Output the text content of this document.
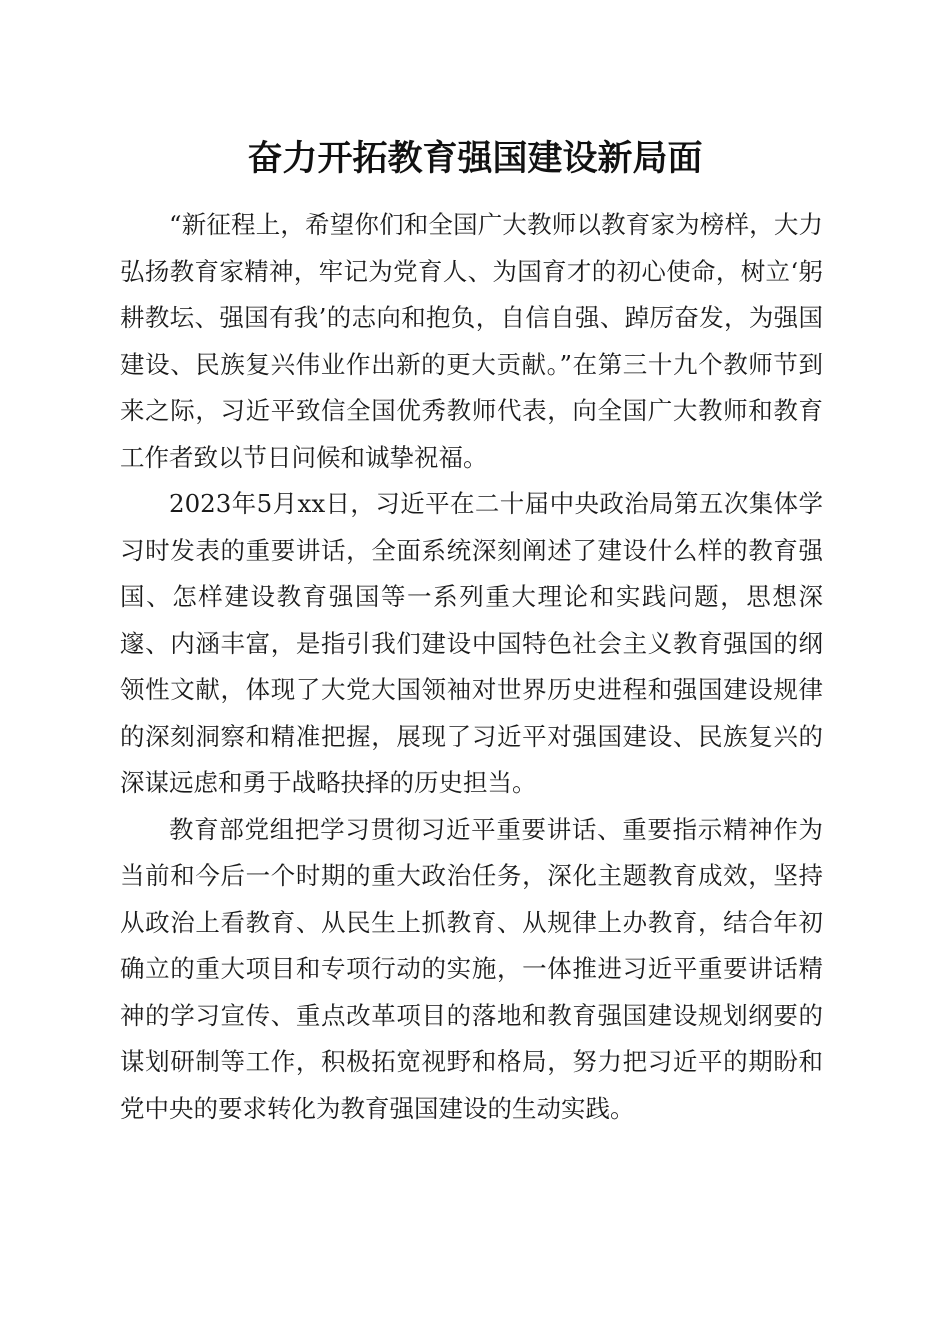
奋力开拓教育强国建设新局面

“新征程上，希望你们和全国广大教师以教育家为榜样，大力弘扬教育家精神，牢记为党育人、为国育才的初心使命，树立‘躬耕教坛、强国有我’的志向和抱负，自信自强、踔厉奋发，为强国建设、民族复兴伟业作出新的更大贡献。”在第三十九个教师节到来之际，习近平致信全国优秀教师代表，向全国广大教师和教育工作者致以节日问候和诚挚祝福。

2023年5月xx日，习近平在二十届中央政治局第五次集体学习时发表的重要讲话，全面系统深刻阐述了建设什么样的教育强国、怎样建设教育强国等一系列重大理论和实践问题，思想深邃、内涵丰富，是指引我们建设中国特色社会主义教育强国的纲领性文献，体现了大党大国领袖对世界历史进程和强国建设规律的深刻洞察和精准把握，展现了习近平对强国建设、民族复兴的深谋远虑和勇于战略抉择的历史担当。

教育部党组把学习贯彻习近平重要讲话、重要指示精神作为当前和今后一个时期的重大政治任务，深化主题教育成效，坚持从政治上看教育、从民生上抓教育、从规律上办教育，结合年初确立的重大项目和专项行动的实施，一体推进习近平重要讲话精神的学习宣传、重点改革项目的落地和教育强国建设规划纲要的谋划研制等工作，积极拓宽视野和格局，努力把习近平的期盼和党中央的要求转化为教育强国建设的生动实践。
